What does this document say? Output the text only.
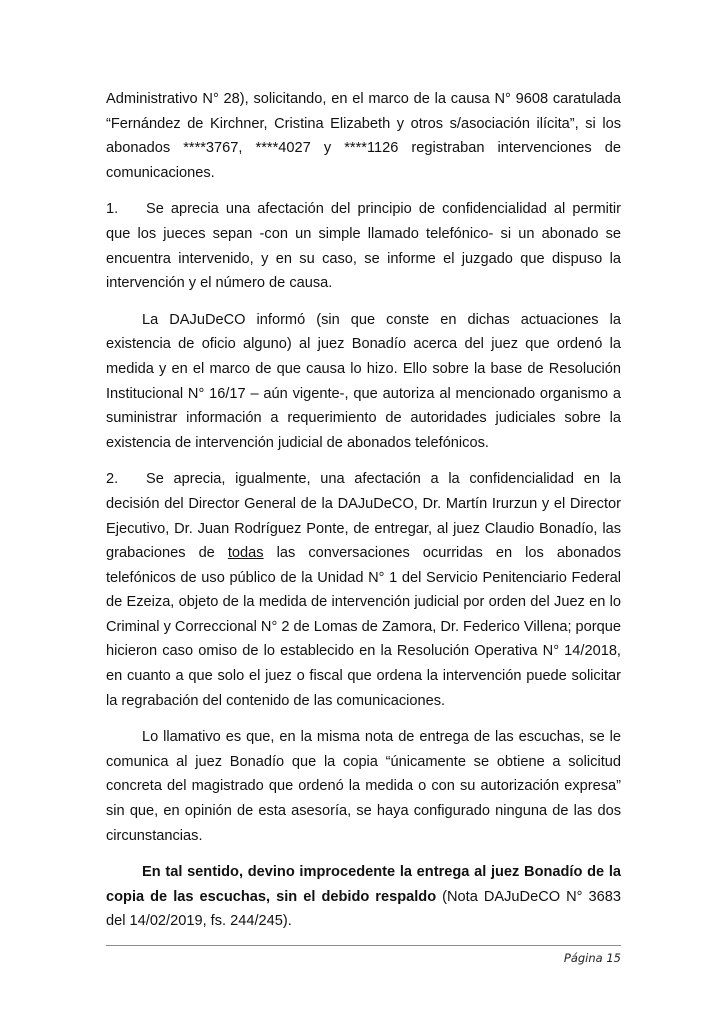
Administrativo N° 28), solicitando, en el marco de la causa N° 9608 caratulada “Fernández de Kirchner, Cristina Elizabeth y otros s/asociación ilícita”, si los abonados ****3767, ****4027 y ****1126 registraban intervenciones de comunicaciones.

1. Se aprecia una afectación del principio de confidencialidad al permitir que los jueces sepan -con un simple llamado telefónico- si un abonado se encuentra intervenido, y en su caso, se informe el juzgado que dispuso la intervención y el número de causa.

La DAJuDeCO informó (sin que conste en dichas actuaciones la existencia de oficio alguno) al juez Bonadío acerca del juez que ordenó la medida y en el marco de que causa lo hizo. Ello sobre la base de Resolución Institucional N° 16/17 – aún vigente-, que autoriza al mencionado organismo a suministrar información a requerimiento de autoridades judiciales sobre la existencia de intervención judicial de abonados telefónicos.

2. Se aprecia, igualmente, una afectación a la confidencialidad en la decisión del Director General de la DAJuDeCO, Dr. Martín Irurzun y el Director Ejecutivo, Dr. Juan Rodríguez Ponte, de entregar, al juez Claudio Bonadío, las grabaciones de todas las conversaciones ocurridas en los abonados telefónicos de uso público de la Unidad N° 1 del Servicio Penitenciario Federal de Ezeiza, objeto de la medida de intervención judicial por orden del Juez en lo Criminal y Correccional N° 2 de Lomas de Zamora, Dr. Federico Villena; porque hicieron caso omiso de lo establecido en la Resolución Operativa N° 14/2018, en cuanto a que solo el juez o fiscal que ordena la intervención puede solicitar la regrabación del contenido de las comunicaciones.

Lo llamativo es que, en la misma nota de entrega de las escuchas, se le comunica al juez Bonadío que la copia “únicamente se obtiene a solicitud concreta del magistrado que ordenó la medida o con su autorización expresa” sin que, en opinión de esta asesoría, se haya configurado ninguna de las dos circunstancias.

En tal sentido, devino improcedente la entrega al juez Bonadío de la copia de las escuchas, sin el debido respaldo (Nota DAJuDeCO N° 3683 del 14/02/2019, fs. 244/245).

Página 15
